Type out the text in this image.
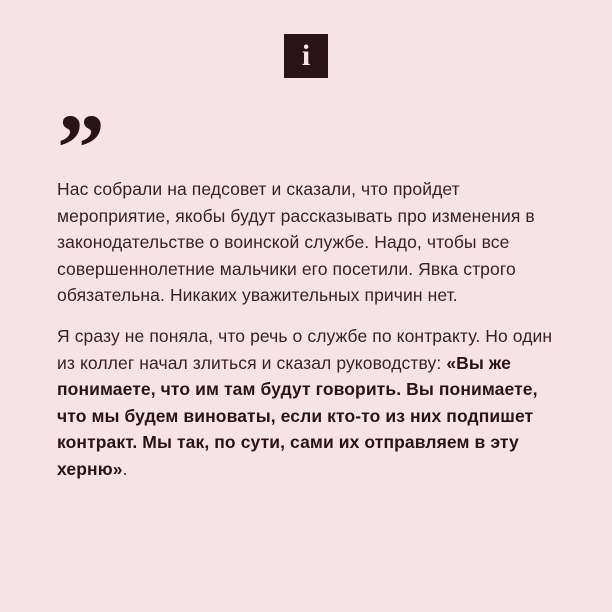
i
”

Нас собрали на педсовет и сказали, что пройдет мероприятие, якобы будут рассказывать про изменения в законодательстве о воинской службе. Надо, чтобы все совершеннолетние мальчики его посетили. Явка строго обязательна. Никаких уважительных причин нет.

Я сразу не поняла, что речь о службе по контракту. Но один из коллег начал злиться и сказал руководству: «Вы же понимаете, что им там будут говорить. Вы понимаете, что мы будем виноваты, если кто-то из них подпишет контракт. Мы так, по сути, сами их отправляем в эту херню».
